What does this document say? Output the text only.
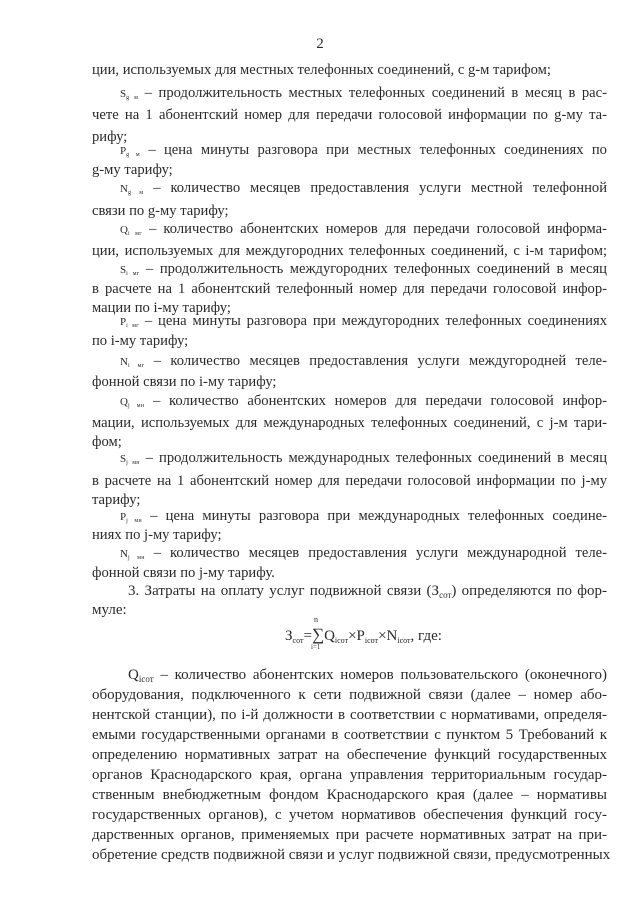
2
ции, используемых для местных телефонных соединений, с g-м тарифом;
$S_{g м}$ – продолжительность местных телефонных соединений в месяц в рас-
чете на 1 абонентский номер для передачи голосовой информации по g-му та-
рифу;
$P_{g м}$ – цена минуты разговора при местных телефонных соединениях по
g-му тарифу;
$N_{g м}$ – количество месяцев предоставления услуги местной телефонной
связи по g-му тарифу;
$Q_{i мг}$ – количество абонентских номеров для передачи голосовой информа-
ции, используемых для междугородних телефонных соединений, с i-м тарифом;
$S_{i мг}$ – продолжительность междугородних телефонных соединений в месяц
в расчете на 1 абонентский телефонный номер для передачи голосовой инфор-
мации по i-му тарифу;
$P_{i мг}$ – цена минуты разговора при междугородних телефонных соединениях
по i-му тарифу;
$N_{i мг}$ – количество месяцев предоставления услуги междугородней теле-
фонной связи по i-му тарифу;
$Q_{j мн}$ – количество абонентских номеров для передачи голосовой инфор-
мации, используемых для международных телефонных соединений, с j-м тари-
фом;
$S_{j мн}$ – продолжительность международных телефонных соединений в месяц
в расчете на 1 абонентский номер для передачи голосовой информации по j-му
тарифу;
$P_{j мн}$ – цена минуты разговора при международных телефонных соедине-
ниях по j-му тарифу;
$N_{j мн}$ – количество месяцев предоставления услуги международной теле-
фонной связи по j-му тарифу.
3. Затраты на оплату услуг подвижной связи $(З_{сот})$ определяются по фор-
муле:
$З_{сот}=$
n
∑
i=1
$Q_{iсот}\times P_{iсот}\times N_{iсот}$, где:
$Q_{iсот}$ – количество абонентских номеров пользовательского (оконечного)
оборудования, подключенного к сети подвижной связи (далее – номер або-
нентской станции), по i-й должности в соответствии с нормативами, определя-
емыми государственными органами в соответствии с пунктом 5 Требований к
определению нормативных затрат на обеспечение функций государственных
органов Краснодарского края, органа управления территориальным государ-
ственным внебюджетным фондом Краснодарского края (далее – нормативы
государственных органов), с учетом нормативов обеспечения функций госу-
дарственных органов, применяемых при расчете нормативных затрат на при-
обретение средств подвижной связи и услуг подвижной связи, предусмотренных
